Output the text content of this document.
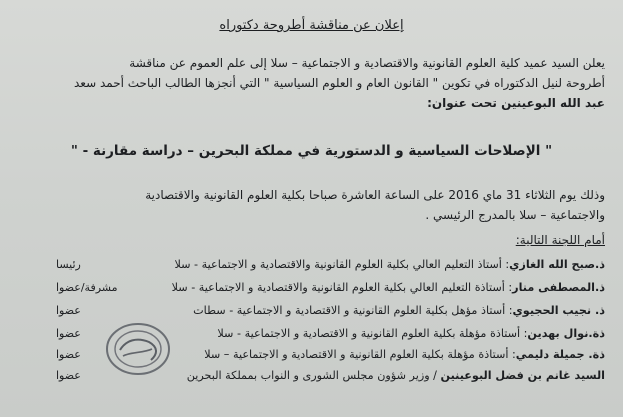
إعلان عن مناقشة أطروحة دكتوراه
يعلن السيد عميد كلية العلوم القانونية والاقتصادية و الاجتماعية – سلا إلى علم العموم عن مناقشة
أطروحة لنيل الدكتوراه في تكوين " القانون العام و العلوم السياسية " التي أنجزها الطالب الباحث أحمد سعد
عبد الله البوعينين تحت عنوان:
" الإصلاحات السياسية و الدستورية في مملكة البحرين – دراسة مقارنة - "
وذلك يوم الثلاثاء 31 ماي 2016 على الساعة العاشرة صباحا بكلية العلوم القانونية والاقتصادية
والاجتماعية – سلا بالمدرج الرئيسي .
أمام اللجنة التالية:
ذ.صبح الله الغازي: أستاذ التعليم العالي بكلية العلوم القانونية والاقتصادية و الاجتماعية - سلا
رئيسا
ذ.المصطفى منار: أستاذة التعليم العالي بكلية العلوم القانونية والاقتصادية و الاجتماعية - سلا
مشرفة/عضوا
ذ. نجيب الحجيوي: أستاذ مؤهل بكلية العلوم القانونية و الاقتصادية و الاجتماعية - سطات
عضوا
ذة.نوال بهدين: أستاذة مؤهلة بكلية العلوم القانونية و الاقتصادية و الاجتماعية - سلا
عضوا
ذة. جميلة دليمي: أستاذة مؤهلة بكلية العلوم القانونية و الاقتصادية و الاجتماعية – سلا
عضوا
السيد غانم بن فضل البوعينين / وزير شؤون مجلس الشورى و النواب بمملكة البحرين
عضوا
